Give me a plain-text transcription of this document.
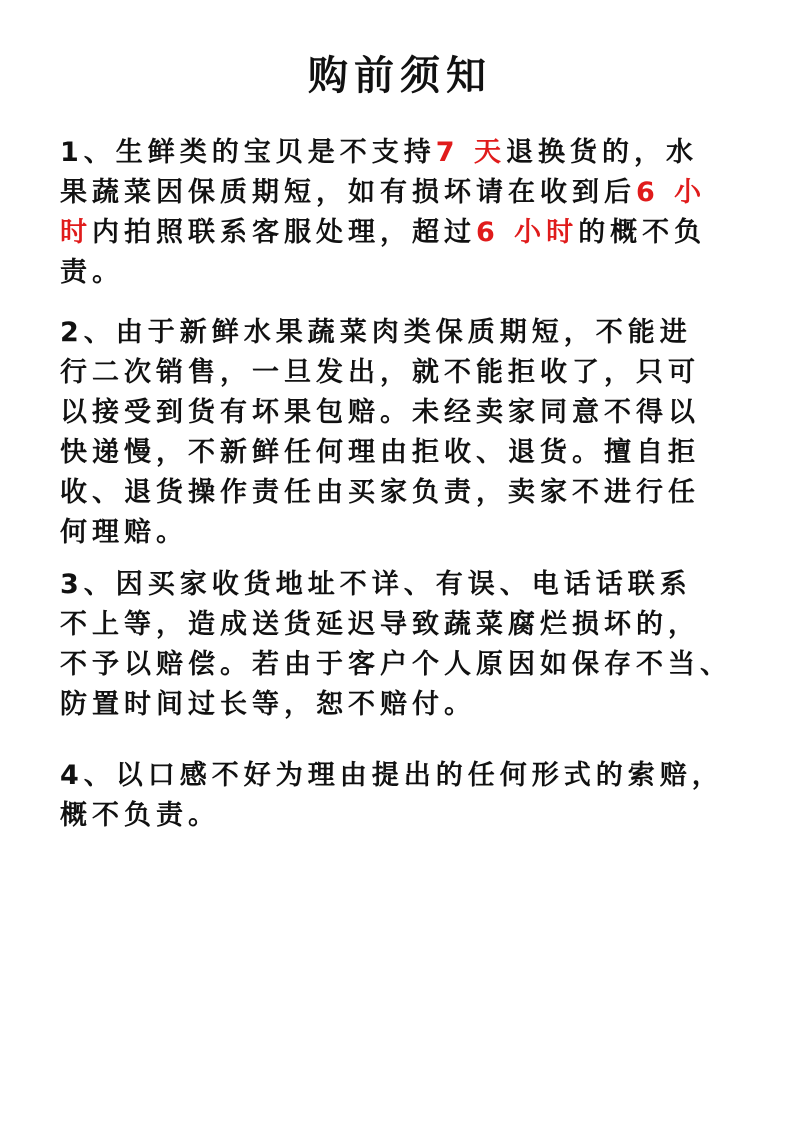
购前须知
1、生鲜类的宝贝是不支持7 天退换货的，水
果蔬菜因保质期短，如有损坏请在收到后6 小
时内拍照联系客服处理，超过6 小时的概不负
责。
2、由于新鲜水果蔬菜肉类保质期短，不能进
行二次销售，一旦发出，就不能拒收了，只可
以接受到货有坏果包赔。未经卖家同意不得以
快递慢，不新鲜任何理由拒收、退货。擅自拒
收、退货操作责任由买家负责，卖家不进行任
何理赔。
3、因买家收货地址不详、有误、电话话联系
不上等，造成送货延迟导致蔬菜腐烂损坏的，
不予以赔偿。若由于客户个人原因如保存不当、
防置时间过长等，恕不赔付。
4、以口感不好为理由提出的任何形式的索赔，
概不负责。
